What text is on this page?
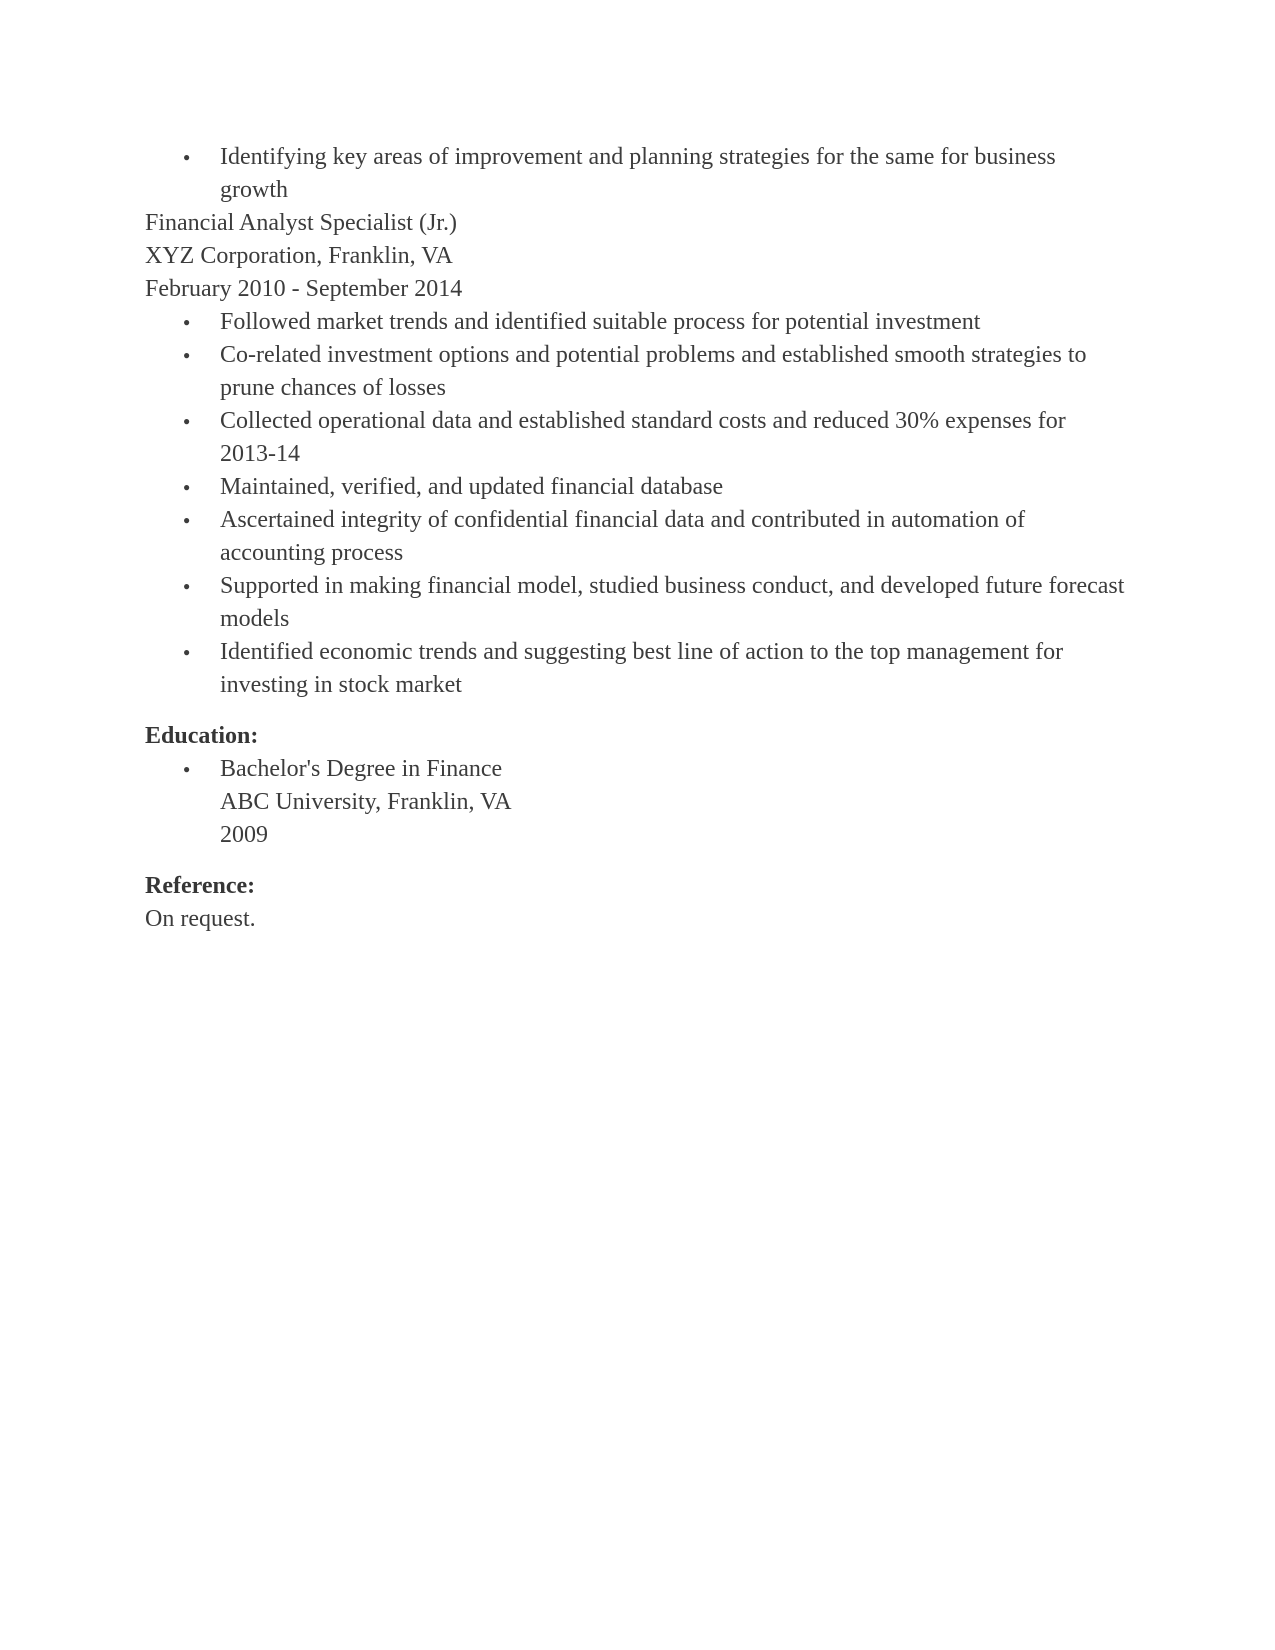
●	Identifying key areas of improvement and planning strategies for the same for business growth

Financial Analyst Specialist (Jr.)
XYZ Corporation, Franklin, VA
February 2010 - September 2014

●	Followed market trends and identified suitable process for potential investment
●	Co-related investment options and potential problems and established smooth strategies to prune chances of losses
●	Collected operational data and established standard costs and reduced 30% expenses for 2013-14
●	Maintained, verified, and updated financial database
●	Ascertained integrity of confidential financial data and contributed in automation of accounting process
●	Supported in making financial model, studied business conduct, and developed future forecast models
●	Identified economic trends and suggesting best line of action to the top management for investing in stock market
Education:
●	Bachelor's Degree in Finance
ABC University, Franklin, VA
2009
Reference:

On request.
